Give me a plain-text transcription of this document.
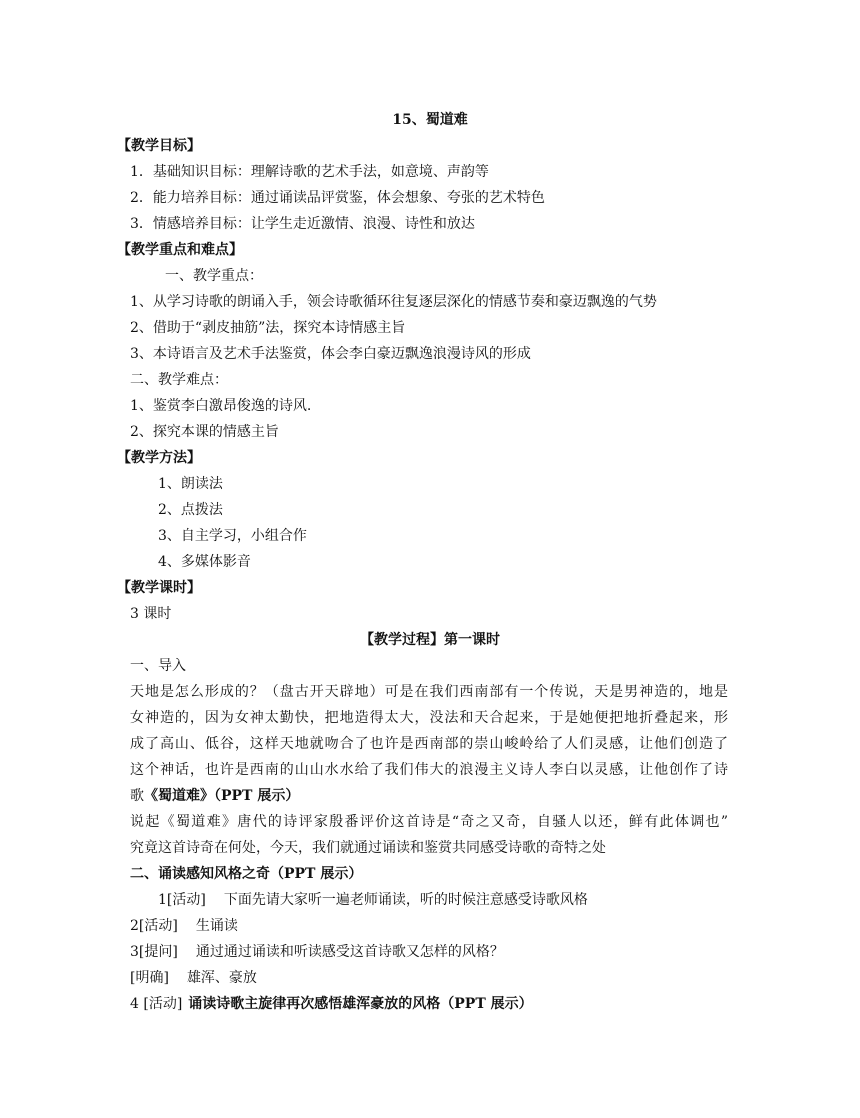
15、蜀道难
【教学目标】
1．基础知识目标：理解诗歌的艺术手法，如意境、声韵等
2．能力培养目标：通过诵读品评赏鉴，体会想象、夸张的艺术特色
3．情感培养目标：让学生走近激情、浪漫、诗性和放达
【教学重点和难点】
一、教学重点：
1、从学习诗歌的朗诵入手，领会诗歌循环往复逐层深化的情感节奏和豪迈飘逸的气势
2、借助于“剥皮抽筋”法，探究本诗情感主旨
3、本诗语言及艺术手法鉴赏，体会李白豪迈飘逸浪漫诗风的形成
二、教学难点：
1、鉴赏李白激昂俊逸的诗风.
2、探究本课的情感主旨
【教学方法】
1、朗读法
2、点拨法
3、自主学习，小组合作
4、多媒体影音
【教学课时】
3 课时
【教学过程】第一课时
一、导入
天地是怎么形成的？（盘古开天辟地）可是在我们西南部有一个传说，天是男神造的，地是
女神造的，因为女神太勤快，把地造得太大，没法和天合起来，于是她便把地折叠起来，形
成了高山、低谷，这样天地就吻合了也许是西南部的崇山峻岭给了人们灵感，让他们创造了
这个神话，也许是西南的山山水水给了我们伟大的浪漫主义诗人李白以灵感，让他创作了诗
歌《蜀道难》（PPT 展示）
说起《蜀道难》唐代的诗评家殷番评价这首诗是“奇之又奇，自骚人以还，鲜有此体调也”
究竟这首诗奇在何处，今天，我们就通过诵读和鉴赏共同感受诗歌的奇特之处
二、诵读感知风格之奇（PPT 展示）
1[活动] 下面先请大家听一遍老师诵读，听的时候注意感受诗歌风格
2[活动] 生诵读
3[提问] 通过通过诵读和听读感受这首诗歌又怎样的风格？
[明确] 雄浑、豪放
4 [活动] 诵读诗歌主旋律再次感悟雄浑豪放的风格（PPT 展示）
